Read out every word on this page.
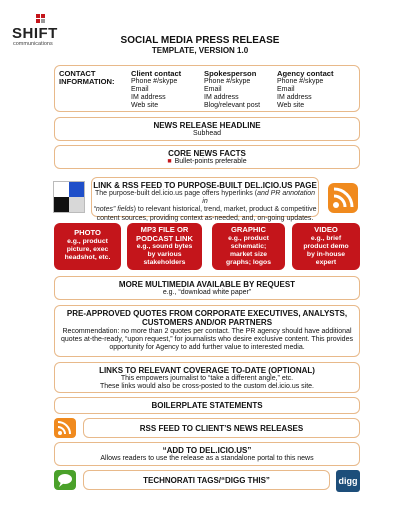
SHIFT
communications	SOCIAL MEDIA PRESS RELEASE
TEMPLATE, VERSION 1.0
CONTACT
INFORMATION:
Client contact
Phone #/skype
Email
IM address
Web site
Spokesperson
Phone #/skype
Email
IM address
Blog/relevant post
Agency contact
Phone #/skype
Email
IM address
Web site
NEWS RELEASE HEADLINE
Subhead
CORE NEWS FACTS
■ Bullet-points preferable
LINK & RSS FEED TO PURPOSE-BUILT DEL.ICIO.US PAGE
The purpose-built del.icio.us page offers hyperlinks (and PR annotation in
“notes” fields) to relevant historical, trend, market, product & competitive
content sources, providing context as-needed, and, on-going updates.
PHOTO
e.g., product
picture, exec
headshot, etc.
MP3 FILE OR
PODCAST LINK
e.g., sound bytes
by various
stakeholders
GRAPHIC
e.g., product
schematic;
market size
graphs; logos
VIDEO
e.g., brief
product demo
by in-house
expert
MORE MULTIMEDIA AVAILABLE BY REQUEST
e.g., “download white paper”
PRE-APPROVED QUOTES FROM CORPORATE EXECUTIVES, ANALYSTS,
CUSTOMERS AND/OR PARTNERS
Recommendation: no more than 2 quotes per contact. The PR agency should have additional
quotes at-the-ready, “upon request,” for journalists who desire exclusive content. This provides
opportunity for Agency to add further value to interested media.
LINKS TO RELEVANT COVERAGE TO-DATE (OPTIONAL)
This empowers journalist to “take a different angle,” etc.
These links would also be cross-posted to the custom del.icio.us site.
BOILERPLATE STATEMENTS
RSS FEED TO CLIENT’S NEWS RELEASES
“ADD TO DEL.ICIO.US”
Allows readers to use the release as a standalone portal to this news
TECHNORATI TAGS/“DIGG THIS”	digg
